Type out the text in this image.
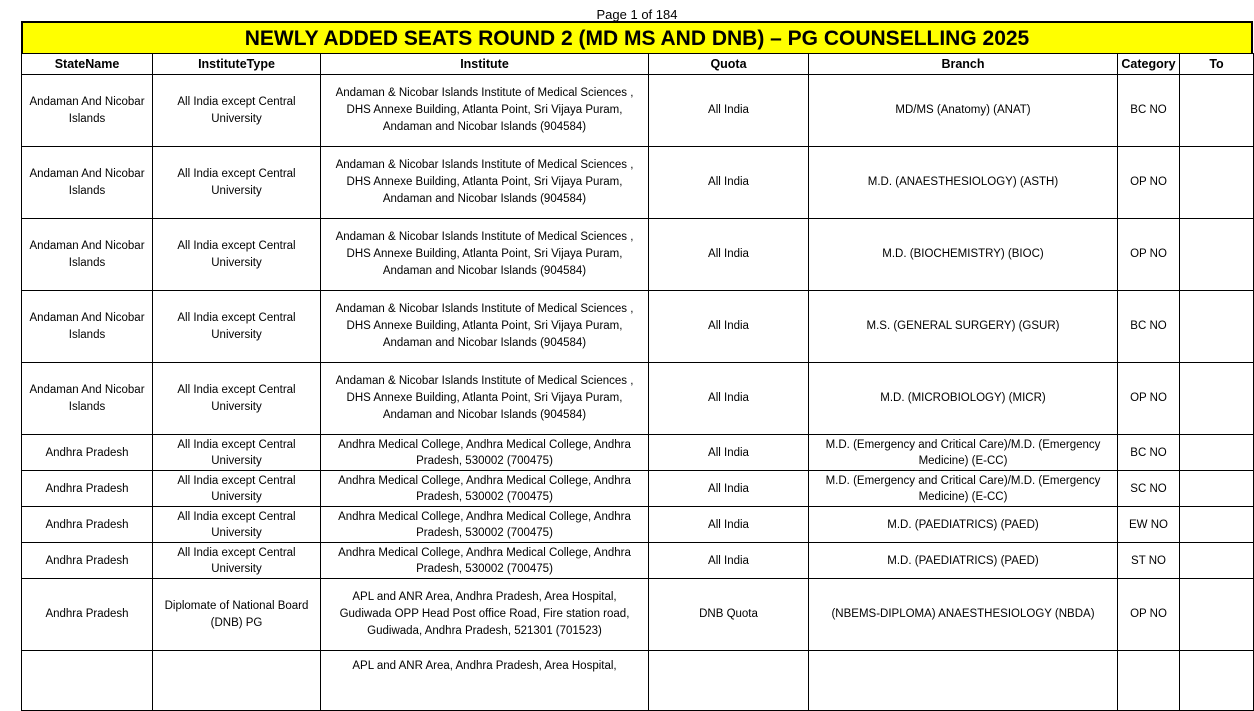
Page 1 of 184
NEWLY ADDED SEATS ROUND 2 (MD MS AND DNB) – PG COUNSELLING 2025
StateName	InstituteType	Institute	Quota	Branch	Category	To
Andaman And Nicobar Islands	All India except Central University	Andaman & Nicobar Islands Institute of Medical Sciences , DHS Annexe Building, Atlanta Point, Sri Vijaya Puram, Andaman and Nicobar Islands (904584)	All India	MD/MS (Anatomy) (ANAT)	BC NO	
Andaman And Nicobar Islands	All India except Central University	Andaman & Nicobar Islands Institute of Medical Sciences , DHS Annexe Building, Atlanta Point, Sri Vijaya Puram, Andaman and Nicobar Islands (904584)	All India	M.D. (ANAESTHESIOLOGY) (ASTH)	OP NO	
Andaman And Nicobar Islands	All India except Central University	Andaman & Nicobar Islands Institute of Medical Sciences , DHS Annexe Building, Atlanta Point, Sri Vijaya Puram, Andaman and Nicobar Islands (904584)	All India	M.D. (BIOCHEMISTRY) (BIOC)	OP NO	
Andaman And Nicobar Islands	All India except Central University	Andaman & Nicobar Islands Institute of Medical Sciences , DHS Annexe Building, Atlanta Point, Sri Vijaya Puram, Andaman and Nicobar Islands (904584)	All India	M.S. (GENERAL SURGERY) (GSUR)	BC NO	
Andaman And Nicobar Islands	All India except Central University	Andaman & Nicobar Islands Institute of Medical Sciences , DHS Annexe Building, Atlanta Point, Sri Vijaya Puram, Andaman and Nicobar Islands (904584)	All India	M.D. (MICROBIOLOGY) (MICR)	OP NO	
Andhra Pradesh	All India except Central University	Andhra Medical College, Andhra Medical College, Andhra Pradesh, 530002 (700475)	All India	M.D. (Emergency and Critical Care)/M.D. (Emergency Medicine) (E-CC)	BC NO	
Andhra Pradesh	All India except Central University	Andhra Medical College, Andhra Medical College, Andhra Pradesh, 530002 (700475)	All India	M.D. (Emergency and Critical Care)/M.D. (Emergency Medicine) (E-CC)	SC NO	
Andhra Pradesh	All India except Central University	Andhra Medical College, Andhra Medical College, Andhra Pradesh, 530002 (700475)	All India	M.D. (PAEDIATRICS) (PAED)	EW NO	
Andhra Pradesh	All India except Central University	Andhra Medical College, Andhra Medical College, Andhra Pradesh, 530002 (700475)	All India	M.D. (PAEDIATRICS) (PAED)	ST NO	
Andhra Pradesh	Diplomate of National Board (DNB) PG	APL and ANR Area, Andhra Pradesh, Area Hospital, Gudiwada OPP Head Post office Road, Fire station road, Gudiwada, Andhra Pradesh, 521301 (701523)	DNB Quota	(NBEMS-DIPLOMA) ANAESTHESIOLOGY (NBDA)	OP NO	
		APL and ANR Area, Andhra Pradesh, Area Hospital,				
